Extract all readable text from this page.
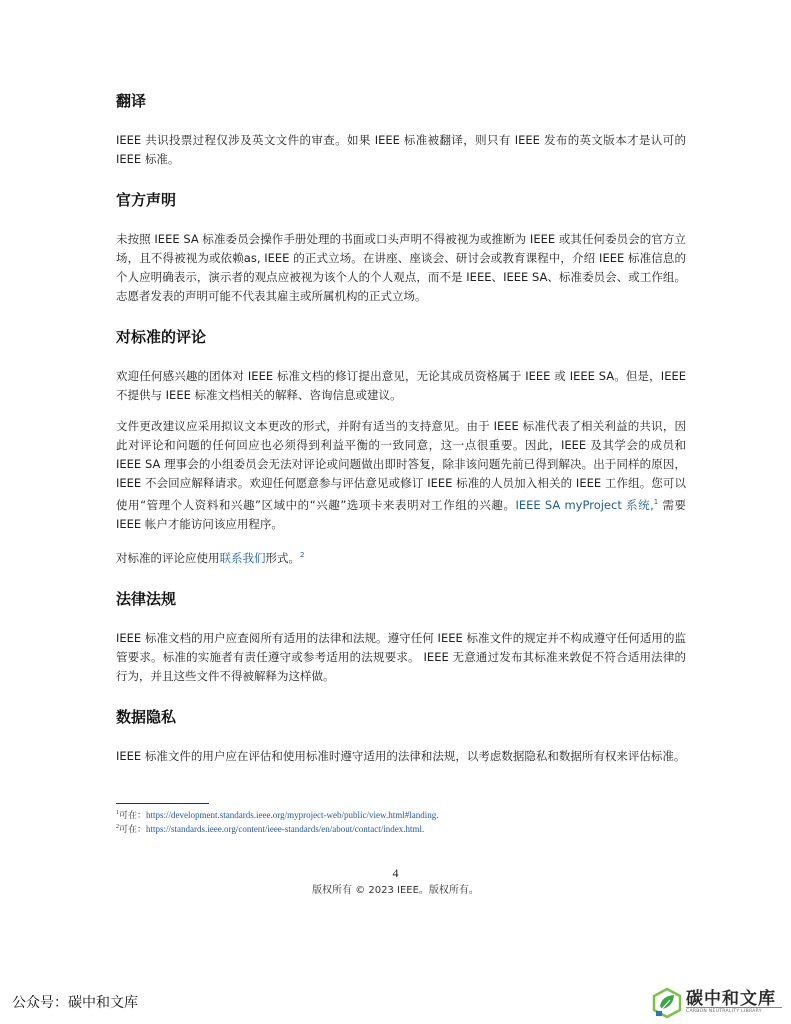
翻译

IEEE 共识投票过程仅涉及英文文件的审查。如果 IEEE 标准被翻译，则只有 IEEE 发布的英文版本才是认可的 IEEE 标准。

官方声明

未按照 IEEE SA 标准委员会操作手册处理的书面或口头声明不得被视为或推断为 IEEE 或其任何委员会的官方立场，且不得被视为或依赖as, IEEE 的正式立场。在讲座、座谈会、研讨会或教育课程中，介绍 IEEE 标准信息的个人应明确表示，演示者的观点应被视为该个人的个人观点，而不是 IEEE、IEEE SA、标准委员会、或工作组。志愿者发表的声明可能不代表其雇主或所属机构的正式立场。

对标准的评论

欢迎任何感兴趣的团体对 IEEE 标准文档的修订提出意见，无论其成员资格属于 IEEE 或 IEEE SA。但是，IEEE 不提供与 IEEE 标准文档相关的解释、咨询信息或建议。

文件更改建议应采用拟议文本更改的形式，并附有适当的支持意见。由于 IEEE 标准代表了相关利益的共识，因此对评论和问题的任何回应也必须得到利益平衡的一致同意，这一点很重要。因此，IEEE 及其学会的成员和 IEEE SA 理事会的小组委员会无法对评论或问题做出即时答复，除非该问题先前已得到解决。出于同样的原因，IEEE 不会回应解释请求。欢迎任何愿意参与评估意见或修订 IEEE 标准的人员加入相关的 IEEE 工作组。您可以使用“管理个人资料和兴趣”区域中的“兴趣”选项卡来表明对工作组的兴趣。IEEE SA myProject 系统,$^1$ 需要 IEEE 帐户才能访问该应用程序。

对标准的评论应使用联系我们形式。$^2$

法律法规

IEEE 标准文档的用户应查阅所有适用的法律和法规。遵守任何 IEEE 标准文件的规定并不构成遵守任何适用的监管要求。标准的实施者有责任遵守或参考适用的法规要求。 IEEE 无意通过发布其标准来敦促不符合适用法律的行为，并且这些文件不得被解释为这样做。

数据隐私

IEEE 标准文件的用户应在评估和使用标准时遵守适用的法律和法规，以考虑数据隐私和数据所有权来评估标准。

$^1$可在：https://development.standards.ieee.org/myproject-web/public/view.html#landing.
$^2$可在：https://standards.ieee.org/content/ieee-standards/en/about/contact/index.html.
4
版权所有 © 2023 IEEE。版权所有。
公众号：碳中和文库	碳中和文库
CARBON NEUTRALITY LIBRARY
